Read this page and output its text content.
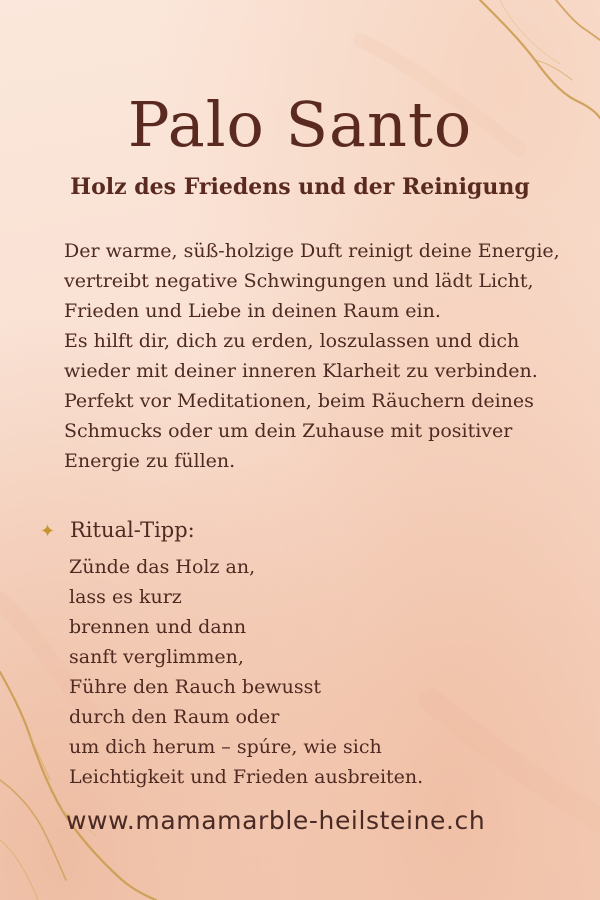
Palo Santo
Holz des Friedens und der Reinigung
Der warme, süß-holzige Duft reinigt deine Energie,
vertreibt negative Schwingungen und lädt Licht,
Frieden und Liebe in deinen Raum ein.
Es hilft dir, dich zu erden, loszulassen und dich
wieder mit deiner inneren Klarheit zu verbinden.
Perfekt vor Meditationen, beim Räuchern deines
Schmucks oder um dein Zuhause mit positiver
Energie zu füllen.
✦ Ritual-Tipp:
Zünde das Holz an,
lass es kurz
brennen und dann
sanft verglimmen,
Führe den Rauch bewusst
durch den Raum oder
um dich herum – spúre, wie sich
Leichtigkeit und Frieden ausbreiten.
www.mamamarble-heilsteine.ch
